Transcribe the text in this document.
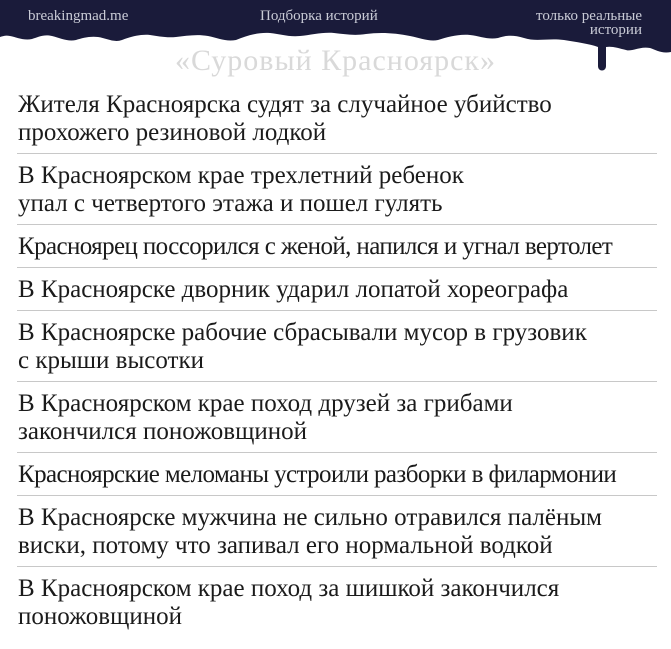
breakingmad.me	Подборка историй	только реальные
истории
«Суровый Красноярск»
Жителя Красноярска судят за случайное убийство
прохожего резиновой лодкой
В Красноярском крае трехлетний ребенок
упал с четвертого этажа и пошел гулять
Красноярец поссорился с женой, напился и угнал вертолет
В Красноярске дворник ударил лопатой хореографа
В Красноярске рабочие сбрасывали мусор в грузовик
с крыши высотки
В Красноярском крае поход друзей за грибами
закончился поножовщиной
Красноярские меломаны устроили разборки в филармонии
В Красноярске мужчина не сильно отравился палёным
виски, потому что запивал его нормальной водкой
В Красноярском крае поход за шишкой закончился
поножовщиной
